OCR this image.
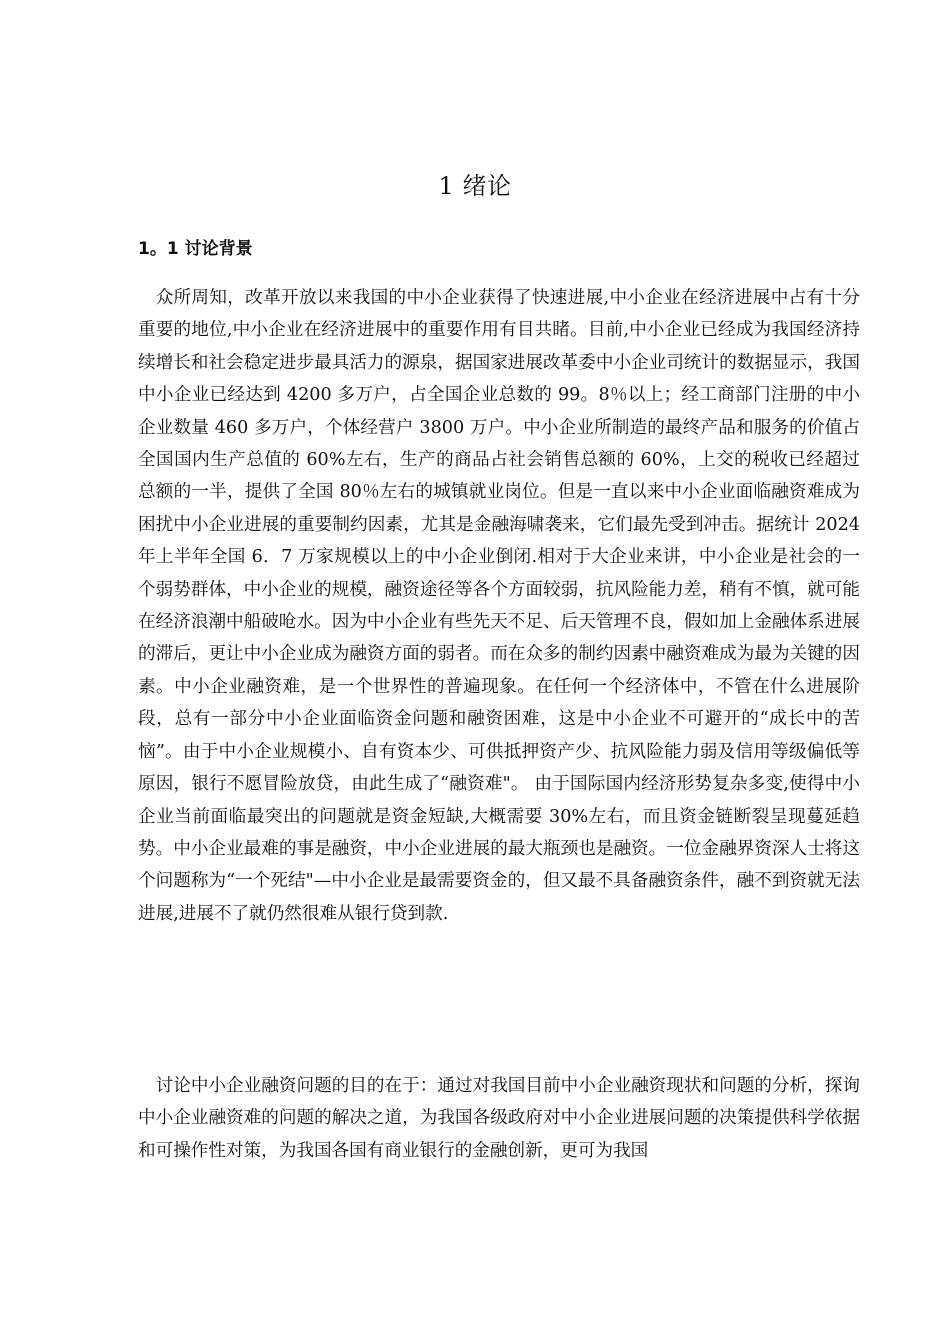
1 绪论
1。1 讨论背景

众所周知，改革开放以来我国的中小企业获得了快速进展,中小企业在经济进展中占有十分重要的地位,中小企业在经济进展中的重要作用有目共睹。目前,中小企业已经成为我国经济持续增长和社会稳定进步最具活力的源泉，据国家进展改革委中小企业司统计的数据显示，我国中小企业已经达到 4200 多万户，占全国企业总数的 99。8％以上；经工商部门注册的中小企业数量 460 多万户，个体经营户 3800 万户。中小企业所制造的最终产品和服务的价值占全国国内生产总值的 60%左右，生产的商品占社会销售总额的 60%，上交的税收已经超过总额的一半，提供了全国 80％左右的城镇就业岗位。但是一直以来中小企业面临融资难成为困扰中小企业进展的重要制约因素，尤其是金融海啸袭来，它们最先受到冲击。据统计 2024 年上半年全国 6．7 万家规模以上的中小企业倒闭.相对于大企业来讲，中小企业是社会的一个弱势群体，中小企业的规模，融资途径等各个方面较弱，抗风险能力差，稍有不慎，就可能在经济浪潮中船破呛水。因为中小企业有些先天不足、后天管理不良，假如加上金融体系进展的滞后，更让中小企业成为融资方面的弱者。而在众多的制约因素中融资难成为最为关键的因素。中小企业融资难，是一个世界性的普遍现象。在任何一个经济体中，不管在什么进展阶段，总有一部分中小企业面临资金问题和融资困难，这是中小企业不可避开的“成长中的苦恼”。由于中小企业规模小、自有资本少、可供抵押资产少、抗风险能力弱及信用等级偏低等原因，银行不愿冒险放贷，由此生成了“融资难"。 由于国际国内经济形势复杂多变,使得中小企业当前面临最突出的问题就是资金短缺,大概需要 30%左右，而且资金链断裂呈现蔓延趋势。中小企业最难的事是融资，中小企业进展的最大瓶颈也是融资。一位金融界资深人士将这个问题称为“一个死结"—中小企业是最需要资金的，但又最不具备融资条件，融不到资就无法进展,进展不了就仍然很难从银行贷到款.

讨论中小企业融资问题的目的在于：通过对我国目前中小企业融资现状和问题的分析，探询中小企业融资难的问题的解决之道，为我国各级政府对中小企业进展问题的决策提供科学依据和可操作性对策，为我国各国有商业银行的金融创新，更可为我国
